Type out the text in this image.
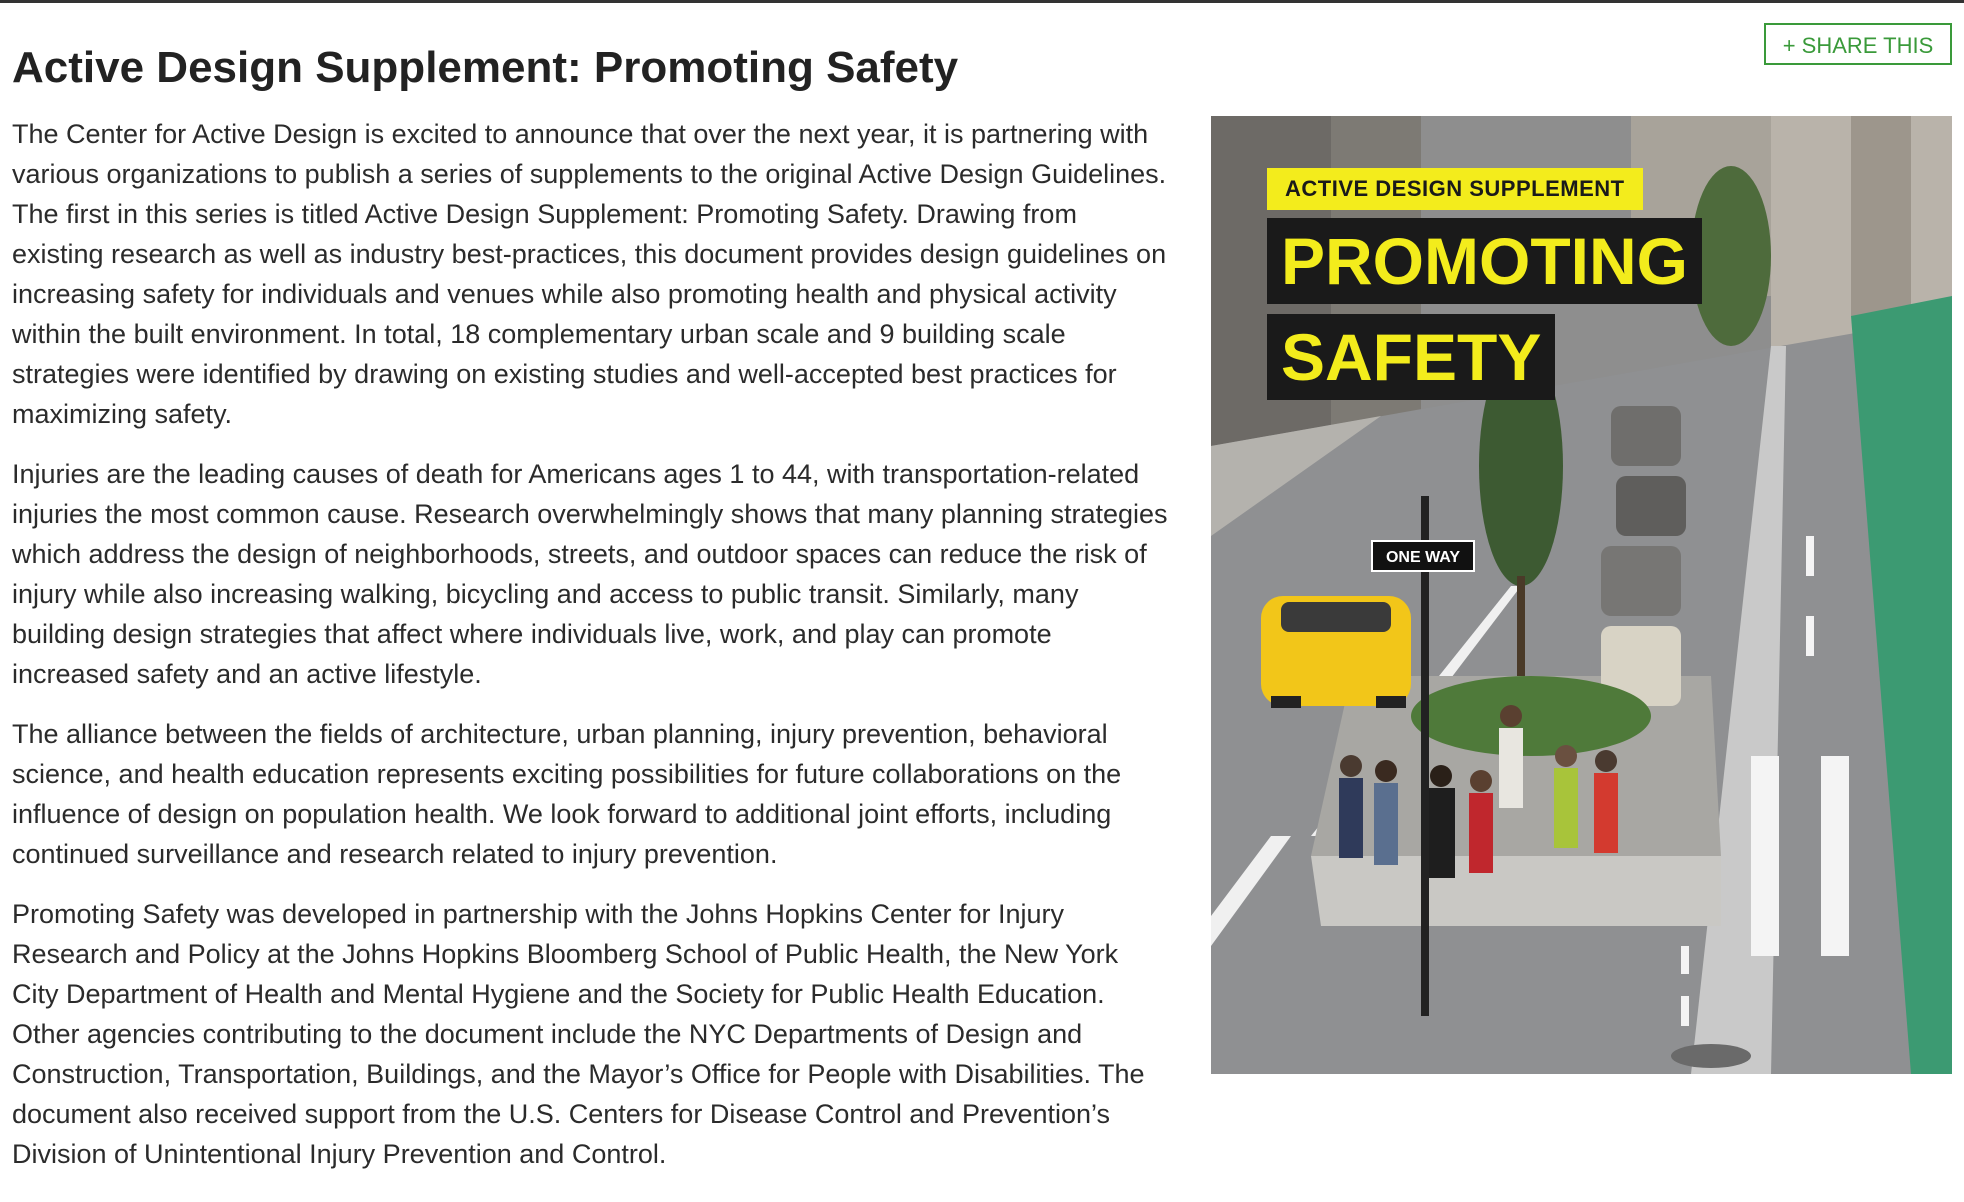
+ SHARE THIS
Active Design Supplement: Promoting Safety

The Center for Active Design is excited to announce that over the next year, it is partnering with various organizations to publish a series of supplements to the original Active Design Guidelines. The first in this series is titled Active Design Supplement: Promoting Safety. Drawing from existing research as well as industry best-practices, this document provides design guidelines on increasing safety for individuals and venues while also promoting health and physical activity within the built environment. In total, 18 complementary urban scale and 9 building scale strategies were identified by drawing on existing studies and well-accepted best practices for maximizing safety.

Injuries are the leading causes of death for Americans ages 1 to 44, with transportation-related injuries the most common cause. Research overwhelmingly shows that many planning strategies which address the design of neighborhoods, streets, and outdoor spaces can reduce the risk of injury while also increasing walking, bicycling and access to public transit. Similarly, many building design strategies that affect where individuals live, work, and play can promote increased safety and an active lifestyle.

The alliance between the fields of architecture, urban planning, injury prevention, behavioral science, and health education represents exciting possibilities for future collaborations on the influence of design on population health. We look forward to additional joint efforts, including continued surveillance and research related to injury prevention.

Promoting Safety was developed in partnership with the Johns Hopkins Center for Injury Research and Policy at the Johns Hopkins Bloomberg School of Public Health, the New York City Department of Health and Mental Hygiene and the Society for Public Health Education. Other agencies contributing to the document include the NYC Departments of Design and Construction, Transportation, Buildings, and the Mayor’s Office for People with Disabilities. The document also received support from the U.S. Centers for Disease Control and Prevention’s Division of Unintentional Injury Prevention and Control.

ACTIVE DESIGN SUPPLEMENT
PROMOTING
SAFETY
ONE WAY
